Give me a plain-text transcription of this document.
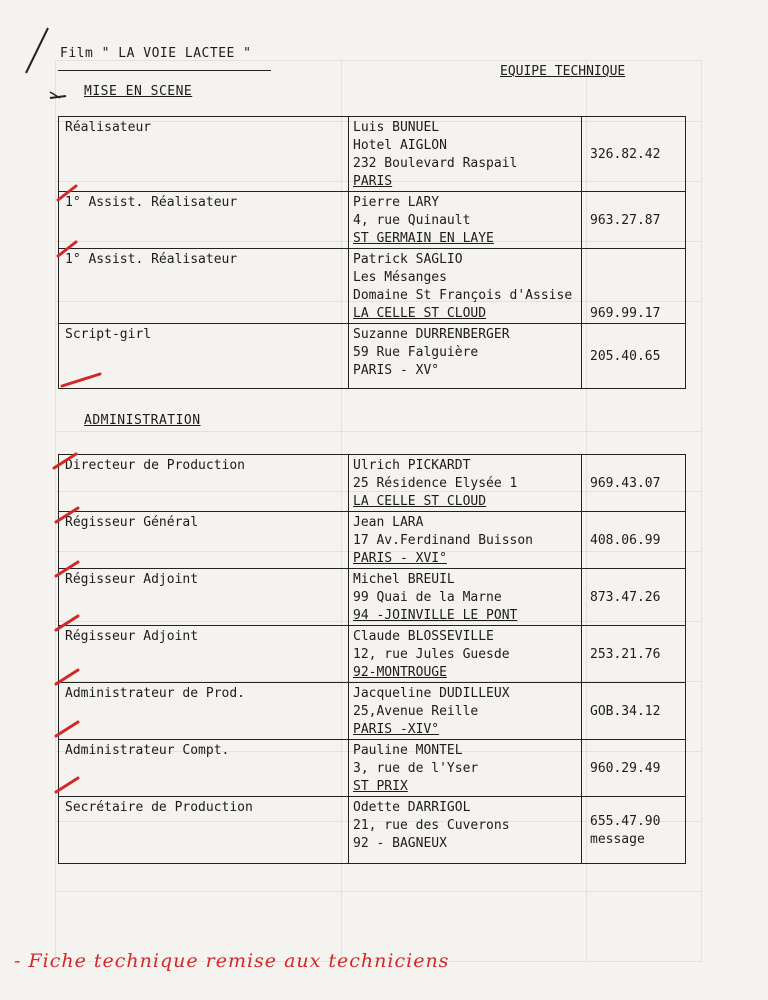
Film " LA VOIE LACTEE "
EQUIPE TECHNIQUE
MISE EN SCENE
Réalisateur	Luis BUNUEL
Hotel AIGLON
232 Boulevard Raspail
PARIS	326.82.42
1° Assist. Réalisateur	Pierre LARY
4, rue Quinault
ST GERMAIN EN LAYE	963.27.87
1° Assist. Réalisateur	Patrick SAGLIO
Les Mésanges
Domaine St François d'Assise
LA CELLE ST CLOUD	969.99.17
Script-girl	Suzanne DURRENBERGER
59 Rue Falguière
PARIS - XV°	205.40.65
ADMINISTRATION
Directeur de Production	Ulrich PICKARDT
25 Résidence Elysée 1
LA CELLE ST CLOUD	969.43.07
Régisseur Général	Jean LARA
17 Av.Ferdinand Buisson
PARIS - XVI°	408.06.99
Régisseur Adjoint	Michel BREUIL
99 Quai de la Marne
94 -JOINVILLE LE PONT	873.47.26
Régisseur Adjoint	Claude BLOSSEVILLE
12, rue Jules Guesde
92-MONTROUGE	253.21.76
Administrateur de Prod.	Jacqueline DUDILLEUX
25,Avenue Reille
PARIS -XIV°	GOB.34.12
Administrateur Compt.	Pauline MONTEL
3, rue de l'Yser
ST PRIX	960.29.49
Secrétaire de Production	Odette DARRIGOL
21, rue des Cuverons
92 - BAGNEUX	655.47.90
message
- Fiche technique remise aux techniciens
